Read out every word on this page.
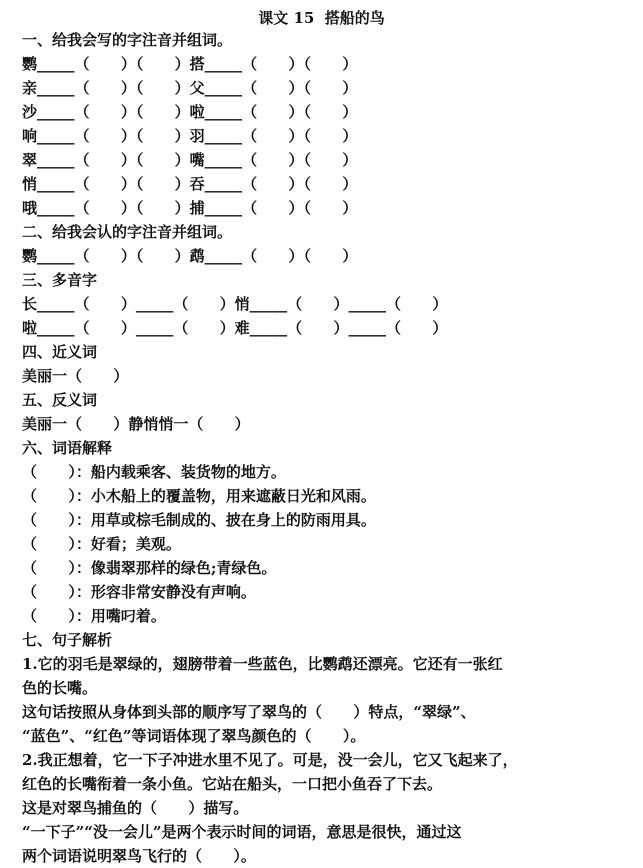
课文 15  搭船的鸟
一、给我会写的字注音并组词。
鹦_____（      ）（      ）搭_____（      ）（      ）
亲_____（      ）（      ）父_____（      ）（      ）
沙_____（      ）（      ）啦_____（      ）（      ）
响_____（      ）（      ）羽_____（      ）（      ）
翠_____（      ）（      ）嘴_____（      ）（      ）
悄_____（      ）（      ）吞_____（      ）（      ）
哦_____（      ）（      ）捕_____（      ）（      ）
二、给我会认的字注音并组词。
鹦_____（      ）（      ）鹉_____（      ）（      ）
三、多音字
长_____（      ）_____（      ）悄_____（      ）_____（      ）
啦_____（      ）_____（      ）难_____（      ）_____（      ）
四、近义词
美丽一（      ）
五、反义词
美丽一（      ）静悄悄一（      ）
六、词语解释
（      ）：船内载乘客、装货物的地方。
（      ）：小木船上的覆盖物，用来遮蔽日光和风雨。
（      ）：用草或棕毛制成的、披在身上的防雨用具。
（      ）：好看；美观。
（      ）：像翡翠那样的绿色;青绿色。
（      ）：形容非常安静没有声响。
（      ）：用嘴叼着。
七、句子解析
1.它的羽毛是翠绿的，翅膀带着一些蓝色，比鹦鹉还漂亮。它还有一张红
色的长嘴。
这句话按照从身体到头部的顺序写了翠鸟的（      ）特点，“翠绿”、
“蓝色”、“红色”等词语体现了翠鸟颜色的（      ）。
2.我正想着，它一下子冲进水里不见了。可是，没一会儿，它又飞起来了，
红色的长嘴衔着一条小鱼。它站在船头，一口把小鱼吞了下去。
这是对翠鸟捕鱼的（      ）描写。
“一下子”“没一会儿”是两个表示时间的词语，意思是很快，通过这
两个词语说明翠鸟飞行的（      ）。
